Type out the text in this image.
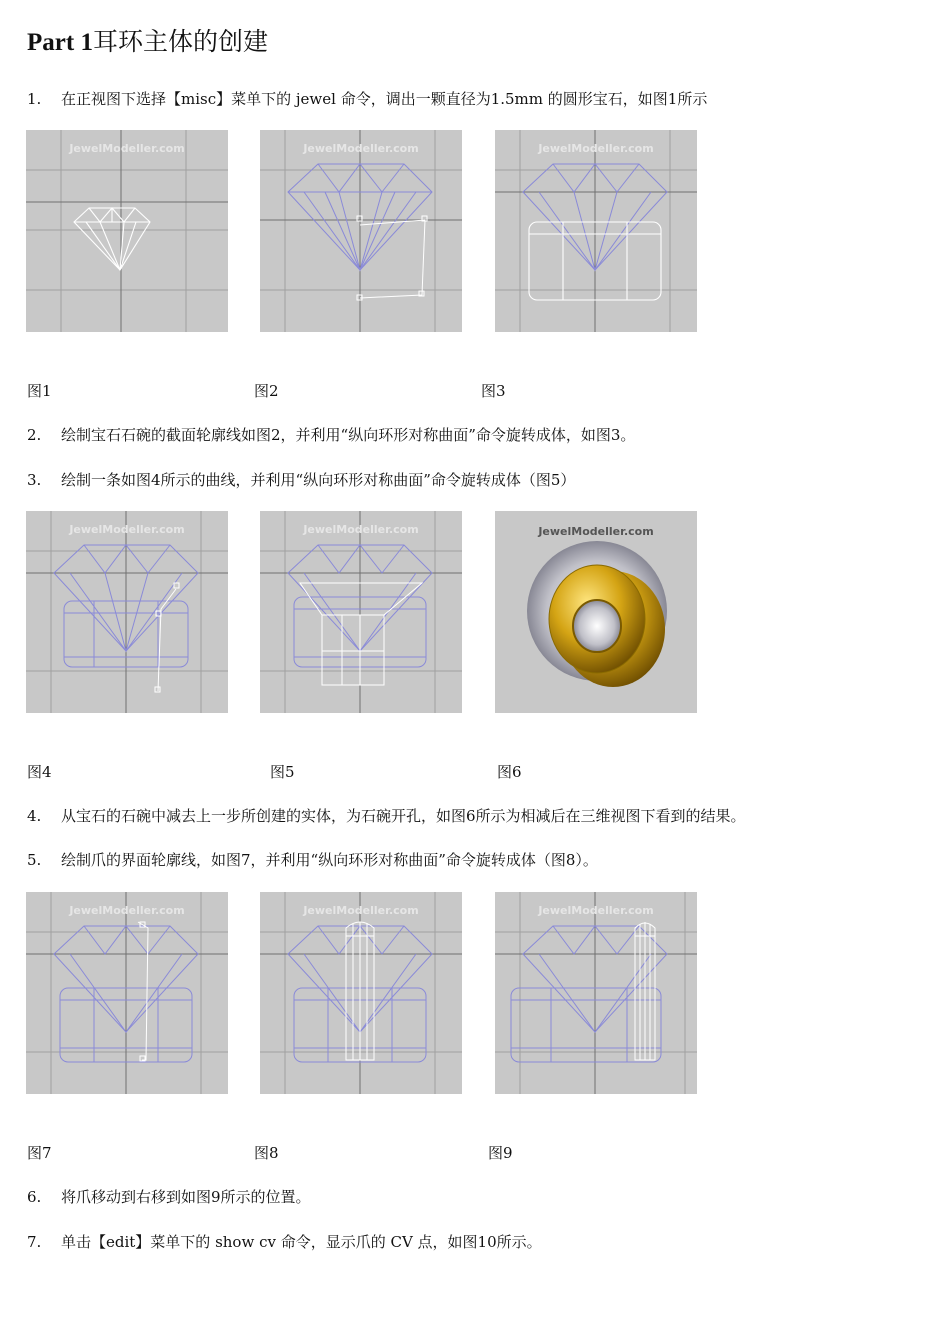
Part 1耳环主体的创建
1. 在正视图下选择【misc】菜单下的 jewel 命令，调出一颗直径为1.5mm 的圆形宝石，如图1所示
JewelModeller.com	JewelModeller.com	JewelModeller.com
图1	图2	图3
2. 绘制宝石石碗的截面轮廓线如图2，并利用“纵向环形对称曲面”命令旋转成体，如图3。
3. 绘制一条如图4所示的曲线，并利用“纵向环形对称曲面”命令旋转成体（图5）
JewelModeller.com	JewelModeller.com	JewelModeller.com
图4	图5	图6
4. 从宝石的石碗中减去上一步所创建的实体，为石碗开孔，如图6所示为相减后在三维视图下看到的结果。
5. 绘制爪的界面轮廓线，如图7，并利用“纵向环形对称曲面”命令旋转成体（图8）。
JewelModeller.com	JewelModeller.com	JewelModeller.com
图7	图8	图9
6. 将爪移动到右移到如图9所示的位置。
7. 单击【edit】菜单下的 show cv 命令，显示爪的 CV 点，如图10所示。
